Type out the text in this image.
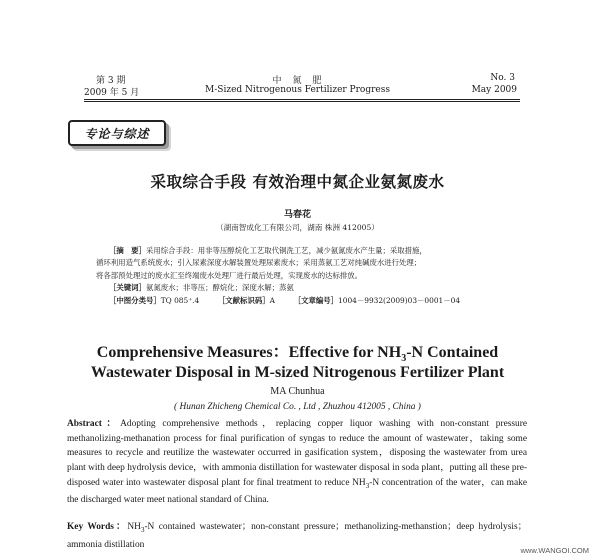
第 3 期
2009 年 5 月
中　氮　肥
M-Sized Nitrogenous Fertilizer Progress
No. 3
May 2009
专论与综述
采取综合手段 有效治理中氮企业氨氮废水
马春花
（湖南智成化工有限公司，湖南 株洲 412005）
［摘　要］采用综合手段：用非等压醇烷化工艺取代铜洗工艺，减少氨氮废水产生量；采取措施，
循环利用造气系统废水；引入尿素深度水解装置处理尿素废水；采用蒸氨工艺对纯碱废水进行处理；
将各部预处理过的废水汇至终端废水处理厂进行最后处理，实现废水的达标排放。
［关键词］氨氮废水；非等压；醇烷化；深度水解；蒸氨
［中图分类号］TQ 085⁺.4	［文献标识码］A	［文章编号］1004－9932(2009)03－0001－04
Comprehensive Measures：Effective for $NH_3-N$ Contained
Wastewater Disposal in M-sized Nitrogenous Fertilizer Plant
MA Chunhua
( Hunan Zhicheng Chemical Co. , Ltd , Zhuzhou 412005 , China )
Abstract：Adopting comprehensive methods，replacing copper liquor washing with non-constant pressure methanolizing-methanation process for final purification of syngas to reduce the amount of wastewater，taking some measures to recycle and reutilize the wastewater occurred in gasification system，disposing the wastewater from urea plant with deep hydrolysis device，with ammonia distillation for wastewater disposal in soda plant，putting all these pre-disposed water into wastewater disposal plant for final treatment to reduce $NH_3-N$ concentration of the water，can make the discharged water meet national standard of China.
Key Words：$NH_3-N$ contained wastewater；non-constant pressure；methanolizing-methanstion；deep hydrolysis；ammonia distillation
www.WANGOI.COM
